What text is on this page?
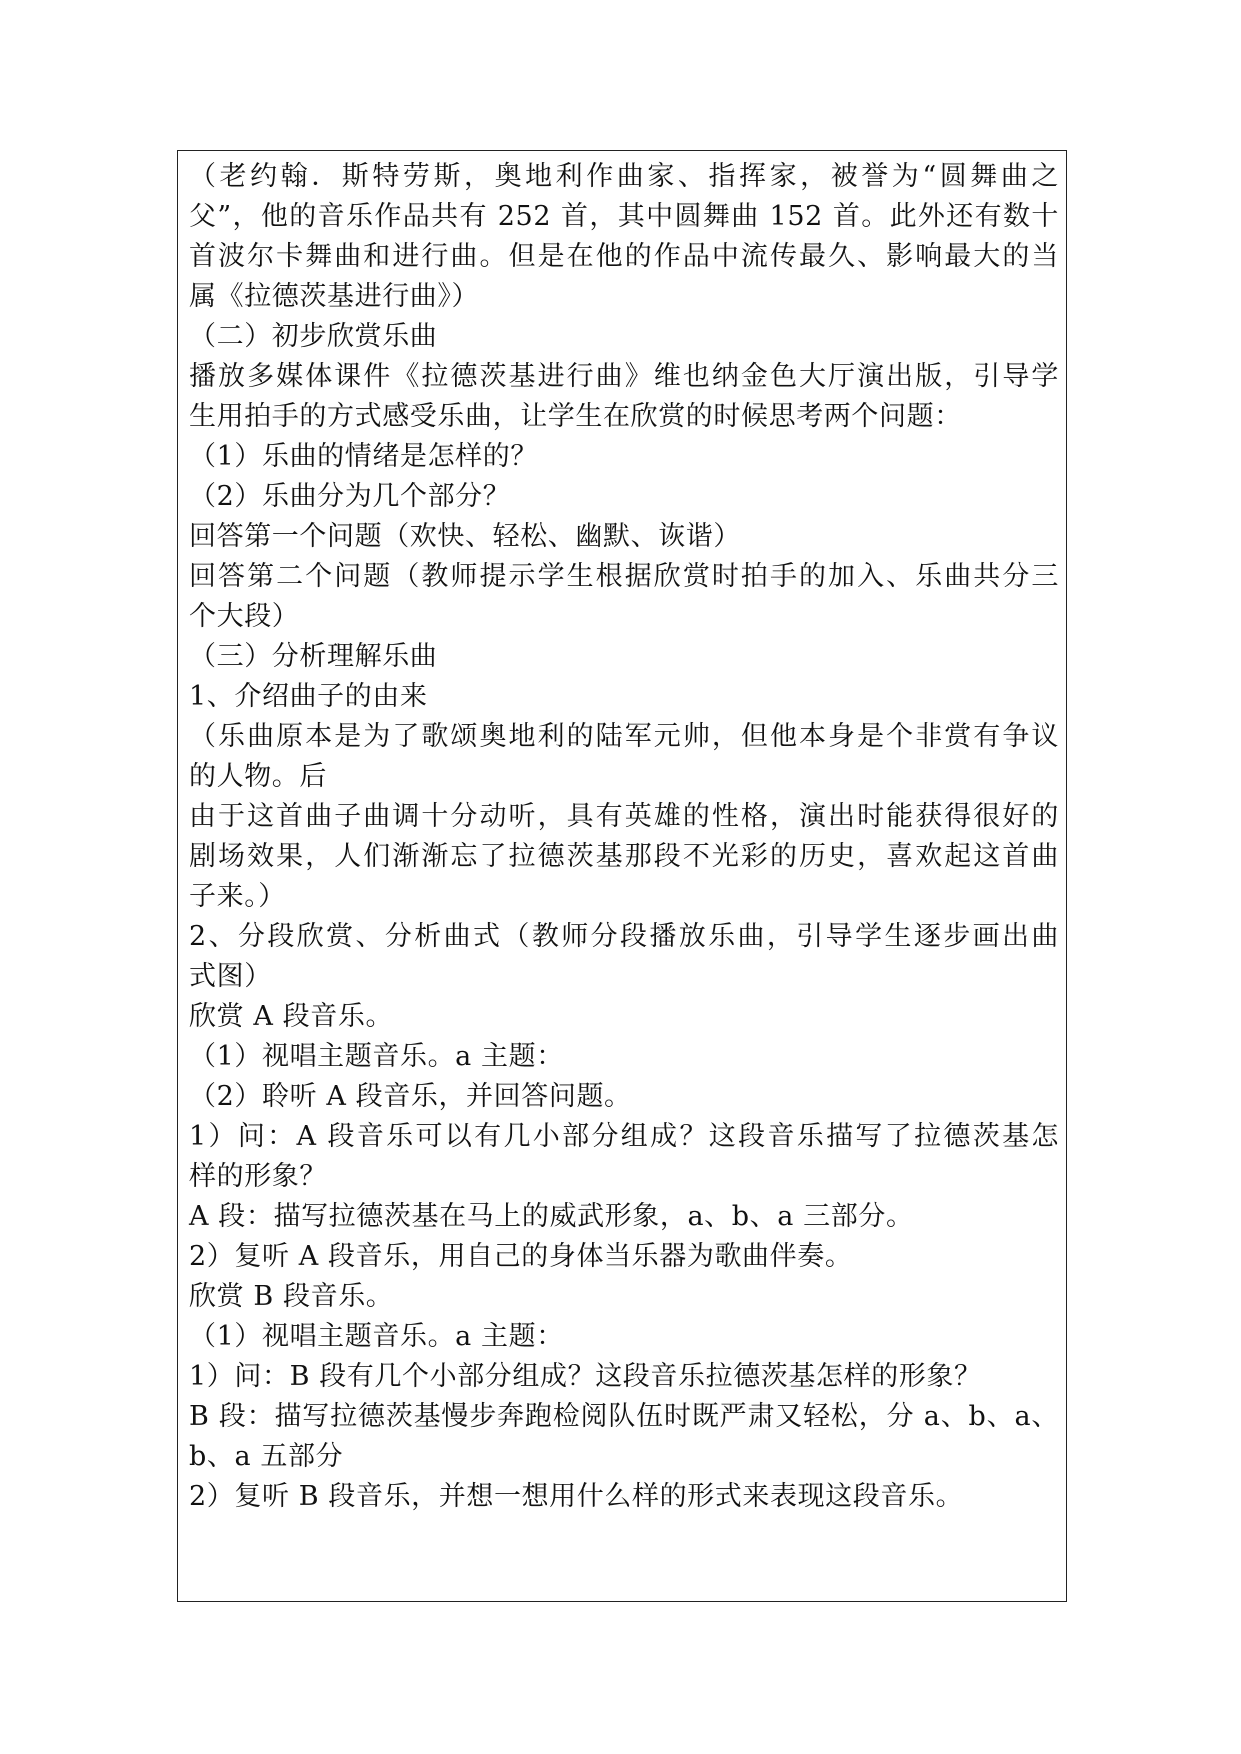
（老约翰．斯特劳斯，奥地利作曲家、指挥家，被誉为“圆舞曲之
父”，他的音乐作品共有 252 首，其中圆舞曲 152 首。此外还有数十
首波尔卡舞曲和进行曲。但是在他的作品中流传最久、影响最大的当
属《拉德茨基进行曲》）
（二）初步欣赏乐曲
播放多媒体课件《拉德茨基进行曲》维也纳金色大厅演出版，引导学
生用拍手的方式感受乐曲，让学生在欣赏的时候思考两个问题：
（1）乐曲的情绪是怎样的？
（2）乐曲分为几个部分？
回答第一个问题（欢快、轻松、幽默、诙谐）
回答第二个问题（教师提示学生根据欣赏时拍手的加入、乐曲共分三
个大段）
（三）分析理解乐曲
1、介绍曲子的由来
（乐曲原本是为了歌颂奥地利的陆军元帅，但他本身是个非赏有争议
的人物。后
由于这首曲子曲调十分动听，具有英雄的性格，演出时能获得很好的
剧场效果，人们渐渐忘了拉德茨基那段不光彩的历史，喜欢起这首曲
子来。）
2、分段欣赏、分析曲式（教师分段播放乐曲，引导学生逐步画出曲
式图）
欣赏 A 段音乐。
（1）视唱主题音乐。a 主题：
（2）聆听 A 段音乐，并回答问题。
1）问：A 段音乐可以有几小部分组成？这段音乐描写了拉德茨基怎
样的形象？
A 段：描写拉德茨基在马上的威武形象，a、b、a 三部分。
2）复听 A 段音乐，用自己的身体当乐器为歌曲伴奏。
欣赏 B 段音乐。
（1）视唱主题音乐。a 主题：
1）问：B 段有几个小部分组成？这段音乐拉德茨基怎样的形象？
B 段：描写拉德茨基慢步奔跑检阅队伍时既严肃又轻松，分 a、b、a、
b、a 五部分
2）复听 B 段音乐，并想一想用什么样的形式来表现这段音乐。
